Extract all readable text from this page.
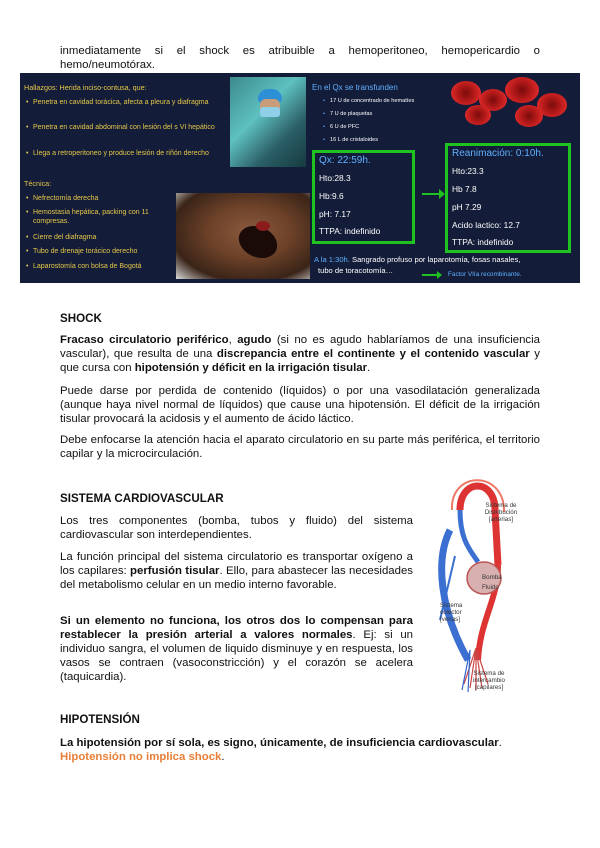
inmediatamente si el shock es atribuible a hemoperitoneo, hemopericardio o hemo/neumotórax.
Hallazgos: Herida inciso-contusa, que:
• Penetra en cavidad torácica, afecta a pleura y diafragma
• Penetra en cavidad abdominal con lesión del s VI hepático
• Llega a retroperitoneo y produce lesión de riñón derecho
Técnica:
• Nefrectomía derecha
• Hemostasia hepática, packing con 11 compresas.
• Cierre del diafragma
• Tubo de drenaje torácico derecho
• Laparostomía con bolsa de Bogotá
En el Qx se transfunden
• 17 U de concentrado de hematíes
• 7 U de plaquetas
• 6 U de PFC
• 16 L de cristaloides
Qx: 22:59h.
Hto:28.3
Hb:9.6
pH: 7.17
TTPA: indefinido
Reanimación: 0:10h.
Hto:23.3
Hb 7.8
pH 7.29
Acido lactico: 12.7
TTPA: indefinido
A la 1:30h. Sangrado profuso por laparotomía, fosas nasales,
tubo de toracotomía…	Factor VIIa recombinante.
SHOCK

Fracaso circulatorio periférico, agudo (si no es agudo hablaríamos de una insuficiencia vascular), que resulta de una discrepancia entre el continente y el contenido vascular y que cursa con hipotensión y déficit en la irrigación tisular.

Puede darse por perdida de contenido (líquidos) o por una vasodilatación generalizada (aunque haya nivel normal de líquidos) que cause una hipotensión. El déficit de la irrigación tisular provocará la acidosis y el aumento de ácido láctico.

Debe enfocarse la atención hacia el aparato circulatorio en su parte más periférica, el territorio capilar y la microcirculación.

SISTEMA CARDIOVASCULAR

Los tres componentes (bomba, tubos y fluido) del sistema cardiovascular son interdependientes.

La función principal del sistema circulatorio es transportar oxígeno a los capilares: perfusión tisular. Ello, para abastecer las necesidades del metabolismo celular en un medio interno favorable.

Si un elemento no funciona, los otros dos lo compensan para restablecer la presión arterial a valores normales. Ej: si un individuo sangra, el volumen de liquido disminuye y en respuesta, los vasos se contraen (vasoconstricción) y el corazón se acelera (taquicardia).

Sistema de Distribución [arterias]
Bomba
Fluido
Sistema colector [venas]
Sistema de intercambio [capilares]
HIPOTENSIÓN

La hipotensión por sí sola, es signo, únicamente, de insuficiencia cardiovascular.
Hipotensión no implica shock.
